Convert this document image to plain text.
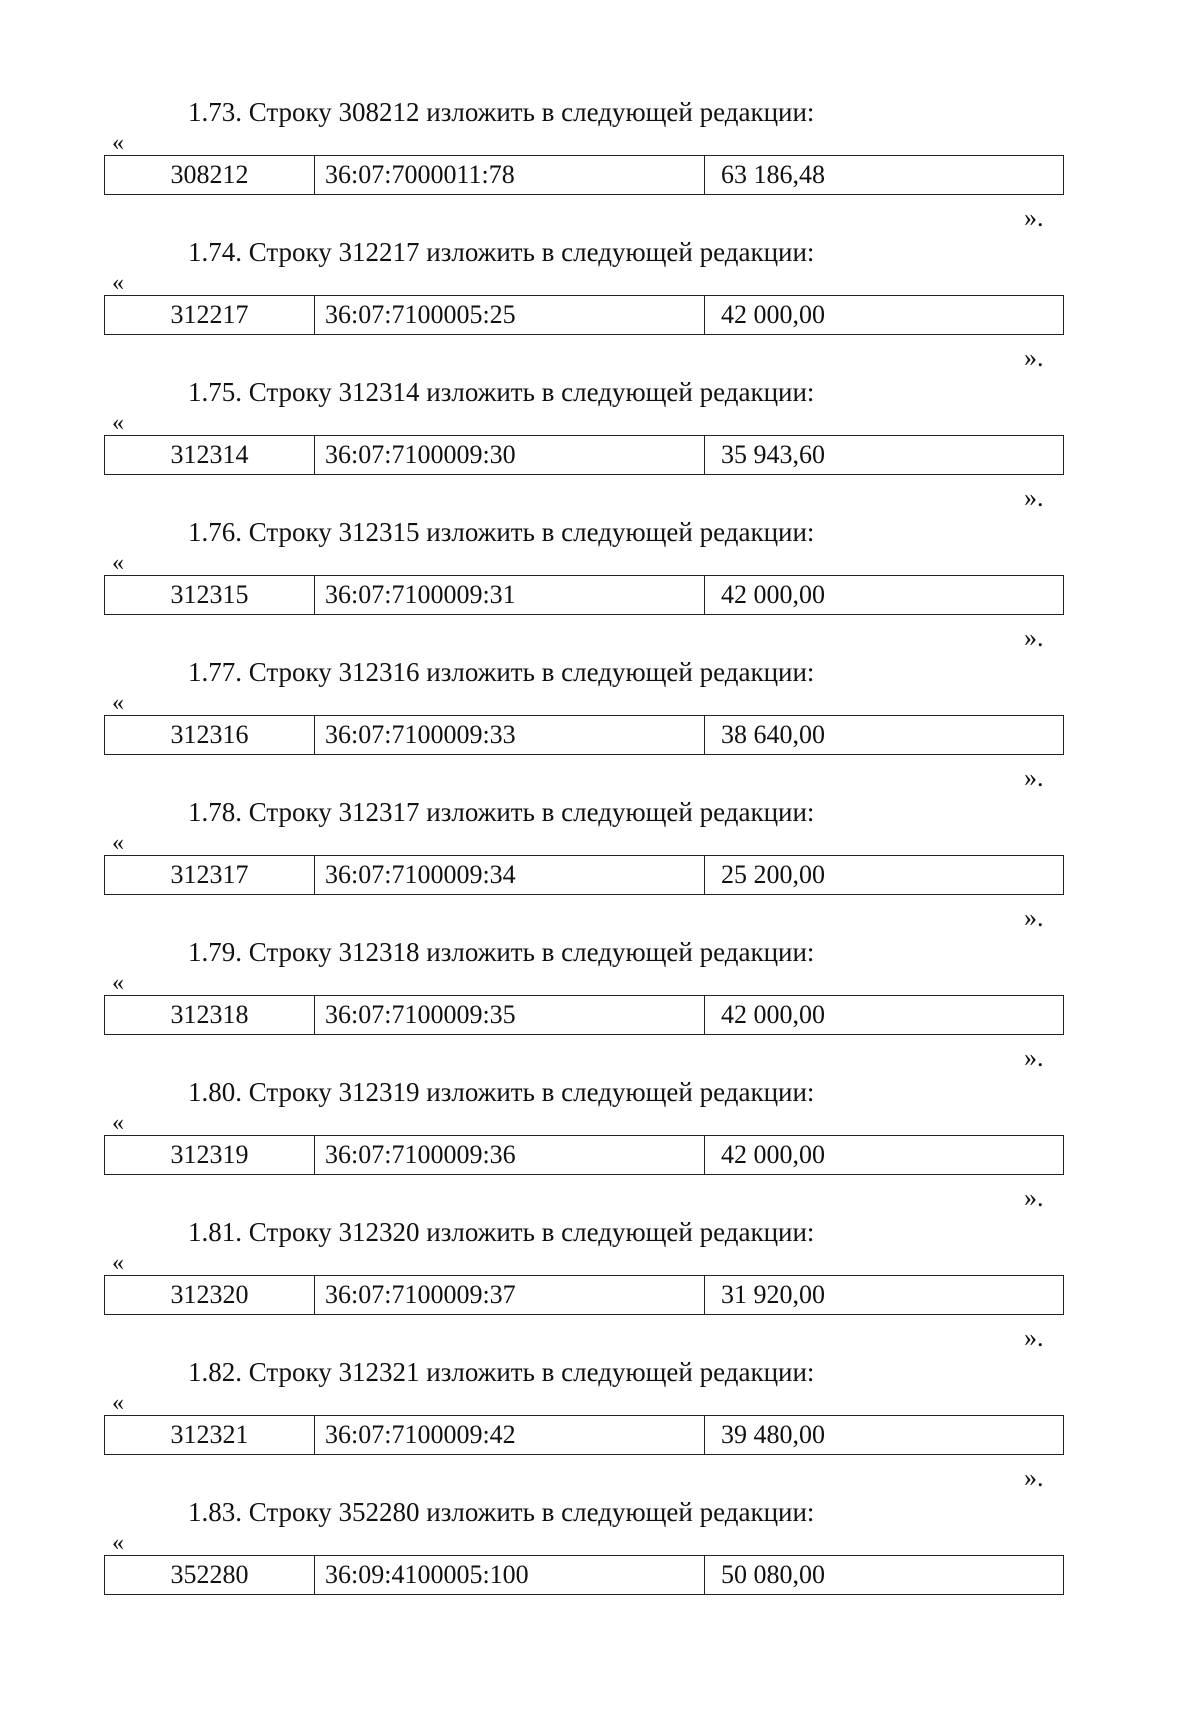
1.73. Строку 308212 изложить в следующей редакции:
«
308212	36:07:7000011:78	63 186,48
».
1.74. Строку 312217 изложить в следующей редакции:
«
312217	36:07:7100005:25	42 000,00
».
1.75. Строку 312314 изложить в следующей редакции:
«
312314	36:07:7100009:30	35 943,60
».
1.76. Строку 312315 изложить в следующей редакции:
«
312315	36:07:7100009:31	42 000,00
».
1.77. Строку 312316 изложить в следующей редакции:
«
312316	36:07:7100009:33	38 640,00
».
1.78. Строку 312317 изложить в следующей редакции:
«
312317	36:07:7100009:34	25 200,00
».
1.79. Строку 312318 изложить в следующей редакции:
«
312318	36:07:7100009:35	42 000,00
».
1.80. Строку 312319 изложить в следующей редакции:
«
312319	36:07:7100009:36	42 000,00
».
1.81. Строку 312320 изложить в следующей редакции:
«
312320	36:07:7100009:37	31 920,00
».
1.82. Строку 312321 изложить в следующей редакции:
«
312321	36:07:7100009:42	39 480,00
».
1.83. Строку 352280 изложить в следующей редакции:
«
352280	36:09:4100005:100	50 080,00
